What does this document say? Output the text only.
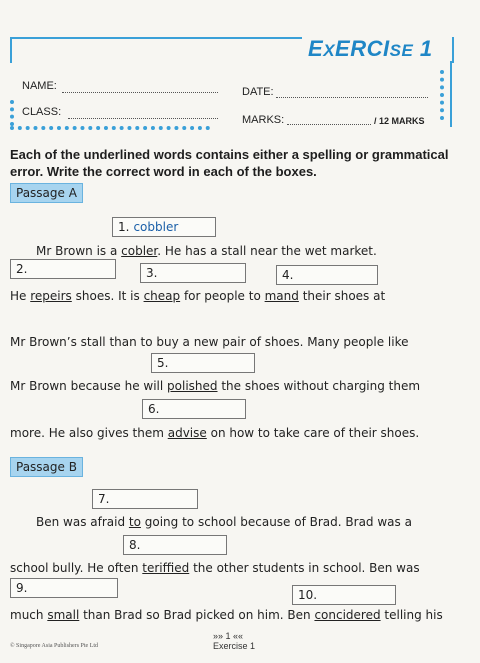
EXERCISE 1
NAME:	DATE:
CLASS:
MARKS:	/ 12 MARKS
Each of the underlined words contains either a spelling or grammatical error. Write the correct word in each of the boxes.
Passage A
1. cobbler
Mr Brown is a cobler. He has a stall near the wet market.
2.	3.	4.
He repeirs shoes. It is cheap for people to mand their shoes at
Mr Brown’s stall than to buy a new pair of shoes. Many people like
5.
Mr Brown because he will polished the shoes without charging them
6.
more. He also gives them advise on how to take care of their shoes.
Passage B
7.
Ben was afraid to going to school because of Brad. Brad was a
8.
school bully. He often teriffied the other students in school. Ben was
9.	10.
much small than Brad so Brad picked on him. Ben concidered telling his
© Singapore Asia Publishers Pte Ltd
»» 1 ««
Exercise 1
